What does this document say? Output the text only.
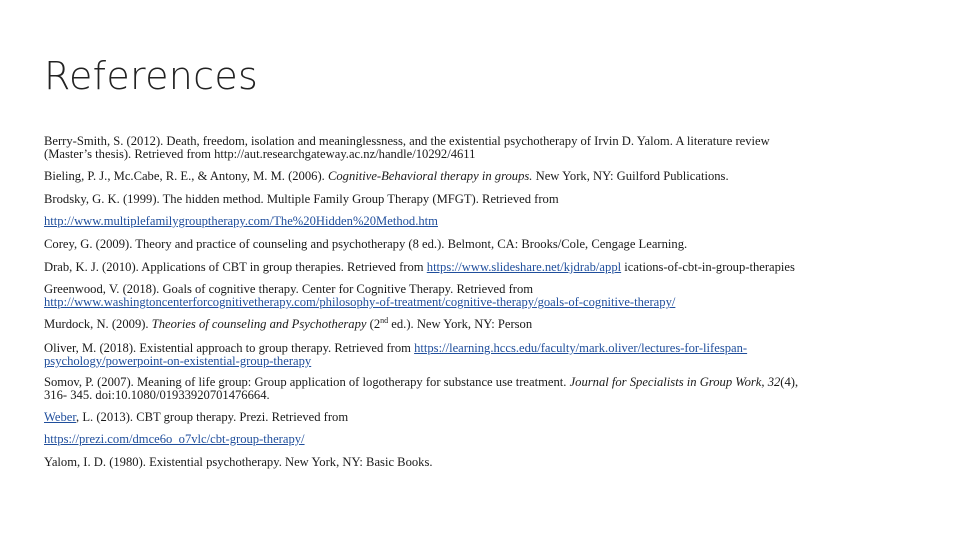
References
Berry-Smith, S. (2012). Death, freedom, isolation and meaninglessness, and the existential psychotherapy of Irvin D. Yalom. A literature review
(Master’s thesis). Retrieved from http://aut.researchgateway.ac.nz/handle/10292/4611
Bieling, P. J., Mc.Cabe, R. E., & Antony, M. M. (2006). Cognitive-Behavioral therapy in groups. New York, NY: Guilford Publications.
Brodsky, G. K. (1999). The hidden method. Multiple Family Group Therapy (MFGT). Retrieved from
http://www.multiplefamilygrouptherapy.com/The%20Hidden%20Method.htm
Corey, G. (2009). Theory and practice of counseling and psychotherapy (8 ed.). Belmont, CA: Brooks/Cole, Cengage Learning.
Drab, K. J. (2010). Applications of CBT in group therapies. Retrieved from https://www.slideshare.net/kjdrab/appl ications-of-cbt-in-group-therapies
Greenwood, V. (2018). Goals of cognitive therapy. Center for Cognitive Therapy. Retrieved from
http://www.washingtoncenterforcognitivetherapy.com/philosophy-of-treatment/cognitive-therapy/goals-of-cognitive-therapy/
Murdock, N. (2009). Theories of counseling and Psychotherapy (2nd ed.). New York, NY: Person
Oliver, M. (2018). Existential approach to group therapy. Retrieved from https://learning.hccs.edu/faculty/mark.oliver/lectures-for-lifespan-
psychology/powerpoint-on-existential-group-therapy
Somov, P. (2007). Meaning of life group: Group application of logotherapy for substance use treatment. Journal for Specialists in Group Work, 32(4),
316- 345. doi:10.1080/01933920701476664.
Weber, L. (2013). CBT group therapy. Prezi. Retrieved from
https://prezi.com/dmce6o_o7vlc/cbt-group-therapy/
Yalom, I. D. (1980). Existential psychotherapy. New York, NY: Basic Books.
